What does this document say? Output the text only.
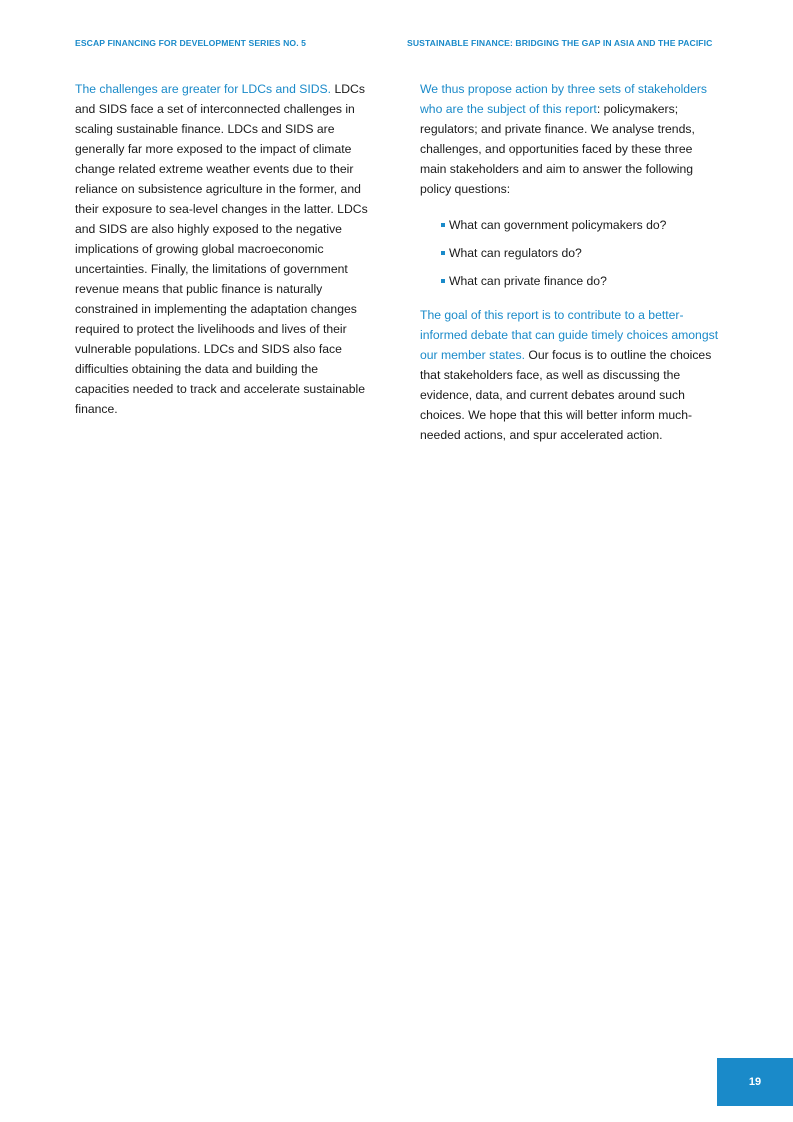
ESCAP FINANCING FOR DEVELOPMENT SERIES NO. 5	SUSTAINABLE FINANCE: BRIDGING THE GAP IN ASIA AND THE PACIFIC

The challenges are greater for LDCs and SIDS. LDCs and SIDS face a set of interconnected challenges in scaling sustainable finance. LDCs and SIDS are generally far more exposed to the impact of climate change related extreme weather events due to their reliance on subsistence agriculture in the former, and their exposure to sea-level changes in the latter. LDCs and SIDS are also highly exposed to the negative implications of growing global macroeconomic uncertainties. Finally, the limitations of government revenue means that public finance is naturally constrained in implementing the adaptation changes required to protect the livelihoods and lives of their vulnerable populations. LDCs and SIDS also face difficulties obtaining the data and building the capacities needed to track and accelerate sustainable finance.

We thus propose action by three sets of stakeholders who are the subject of this report: policymakers; regulators; and private finance. We analyse trends, challenges, and opportunities faced by these three main stakeholders and aim to answer the following policy questions:

What can government policymakers do?
What can regulators do?
What can private finance do?

The goal of this report is to contribute to a better-informed debate that can guide timely choices amongst our member states. Our focus is to outline the choices that stakeholders face, as well as discussing the evidence, data, and current debates around such choices. We hope that this will better inform much-needed actions, and spur accelerated action.

19
